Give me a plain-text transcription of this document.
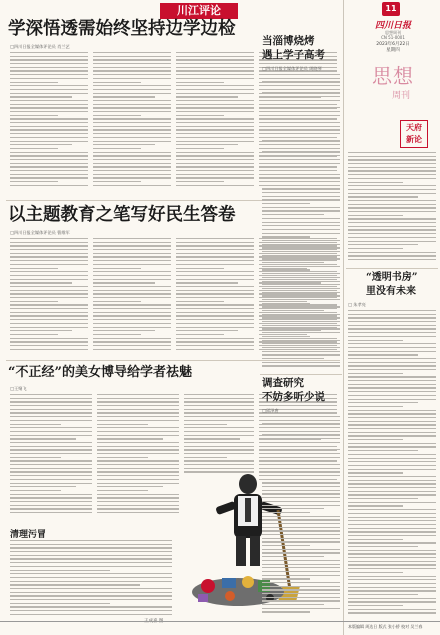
川江评论
学深悟透需始终坚持边学边检
□四川日报全媒体评论员 肖兰艺
以主题教育之笔写好民生答卷
□四川日报全媒体评论员 曹维军
“不正经”的美女博导给学者祛魅
□王聚飞
清理污冒
11
四川日报
思想周刊
CN 51-0001
2023年6月22日
星期四
思想
周刊
天府
新论
当淄博烧烤
遇上学子高考
□四川日报全媒体评论员 周晓琴
“透明书房”
里没有未来
□ 朱孝亮
调查研究
不妨多听少说
□邱泽唐
本版编辑 周达日 版式 张小桥 校对 吴兰春
